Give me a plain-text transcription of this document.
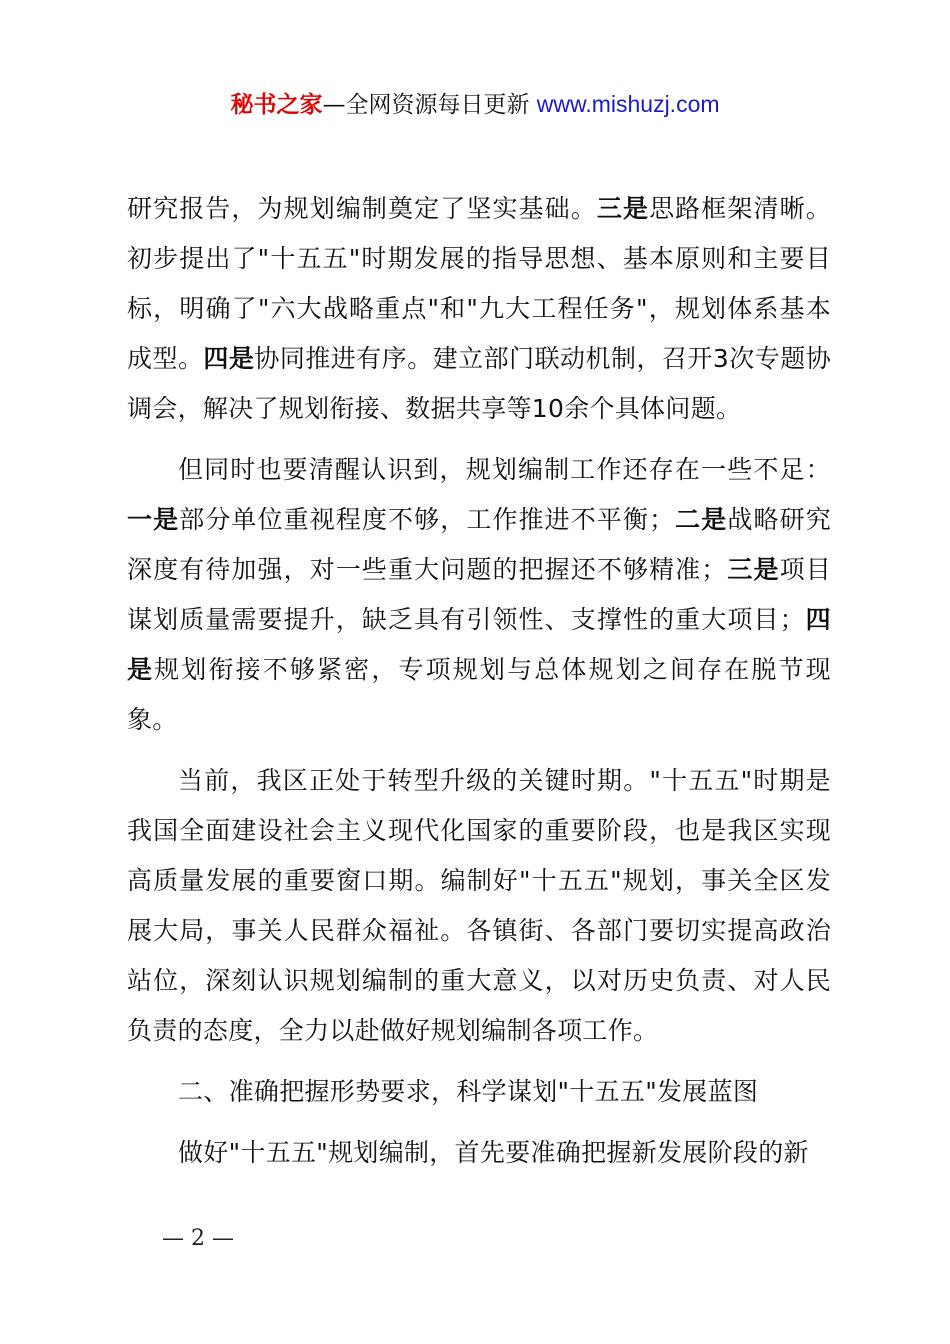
秘书之家—全网资源每日更新 www.mishuzj.com

研究报告，为规划编制奠定了坚实基础。三是思路框架清晰。初步提出了"十五五"时期发展的指导思想、基本原则和主要目标，明确了"六大战略重点"和"九大工程任务"，规划体系基本成型。四是协同推进有序。建立部门联动机制，召开3次专题协调会，解决了规划衔接、数据共享等10余个具体问题。

但同时也要清醒认识到，规划编制工作还存在一些不足：一是部分单位重视程度不够，工作推进不平衡；二是战略研究深度有待加强，对一些重大问题的把握还不够精准；三是项目谋划质量需要提升，缺乏具有引领性、支撑性的重大项目；四是规划衔接不够紧密，专项规划与总体规划之间存在脱节现象。

当前，我区正处于转型升级的关键时期。"十五五"时期是我国全面建设社会主义现代化国家的重要阶段，也是我区实现高质量发展的重要窗口期。编制好"十五五"规划，事关全区发展大局，事关人民群众福祉。各镇街、各部门要切实提高政治站位，深刻认识规划编制的重大意义，以对历史负责、对人民负责的态度，全力以赴做好规划编制各项工作。

二、准确把握形势要求，科学谋划"十五五"发展蓝图

做好"十五五"规划编制，首先要准确把握新发展阶段的新

— 2 —
